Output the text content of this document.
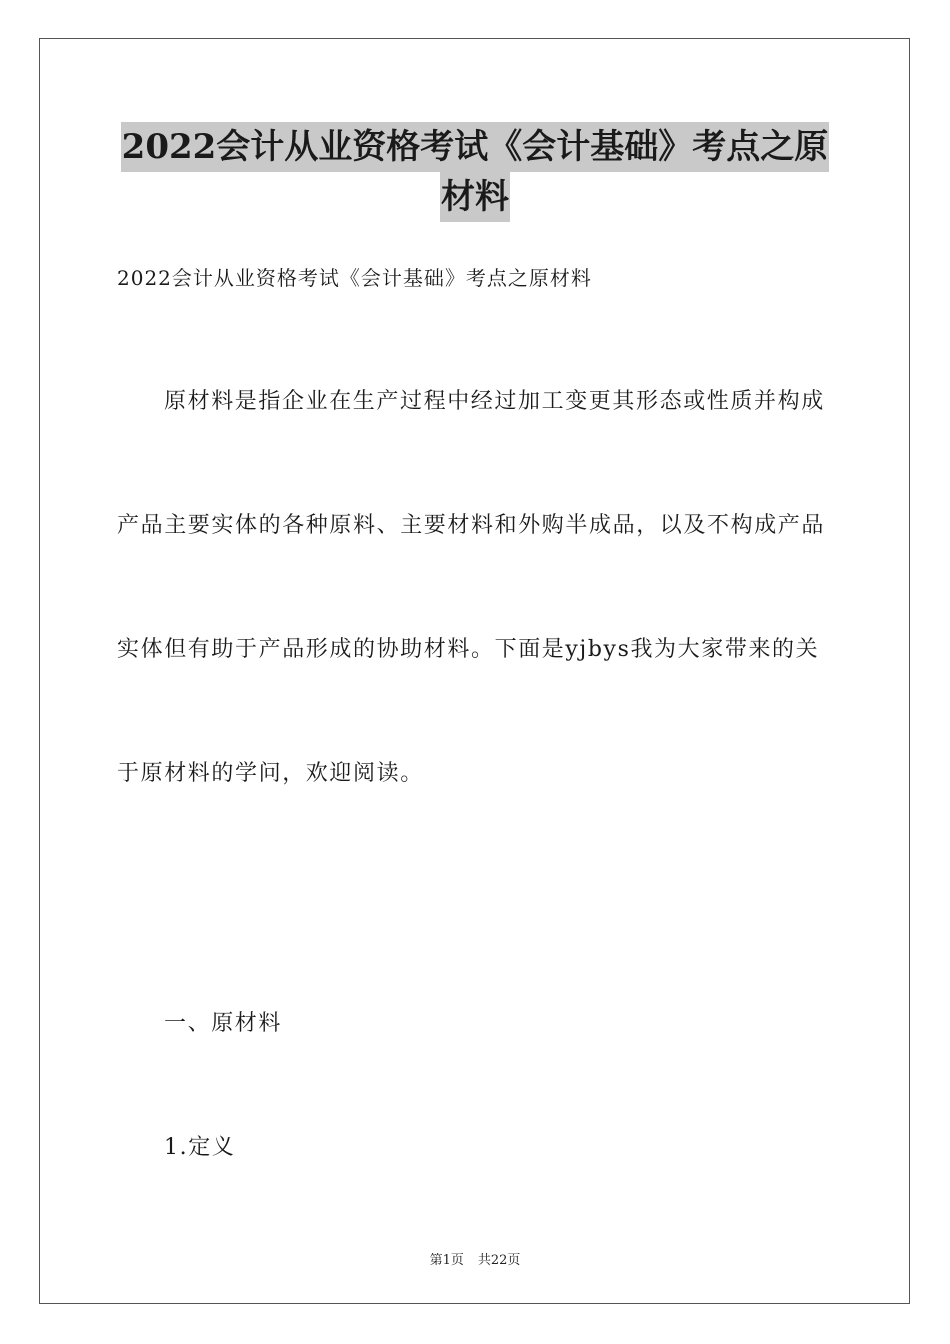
2022会计从业资格考试《会计基础》考点之原
材料
2022会计从业资格考试《会计基础》考点之原材料
原材料是指企业在生产过程中经过加工变更其形态或性质并构成
产品主要实体的各种原料、主要材料和外购半成品，以及不构成产品
实体但有助于产品形成的协助材料。下面是yjbys我为大家带来的关
于原材料的学问，欢迎阅读。
一、原材料
1.定义
第1页 共22页
